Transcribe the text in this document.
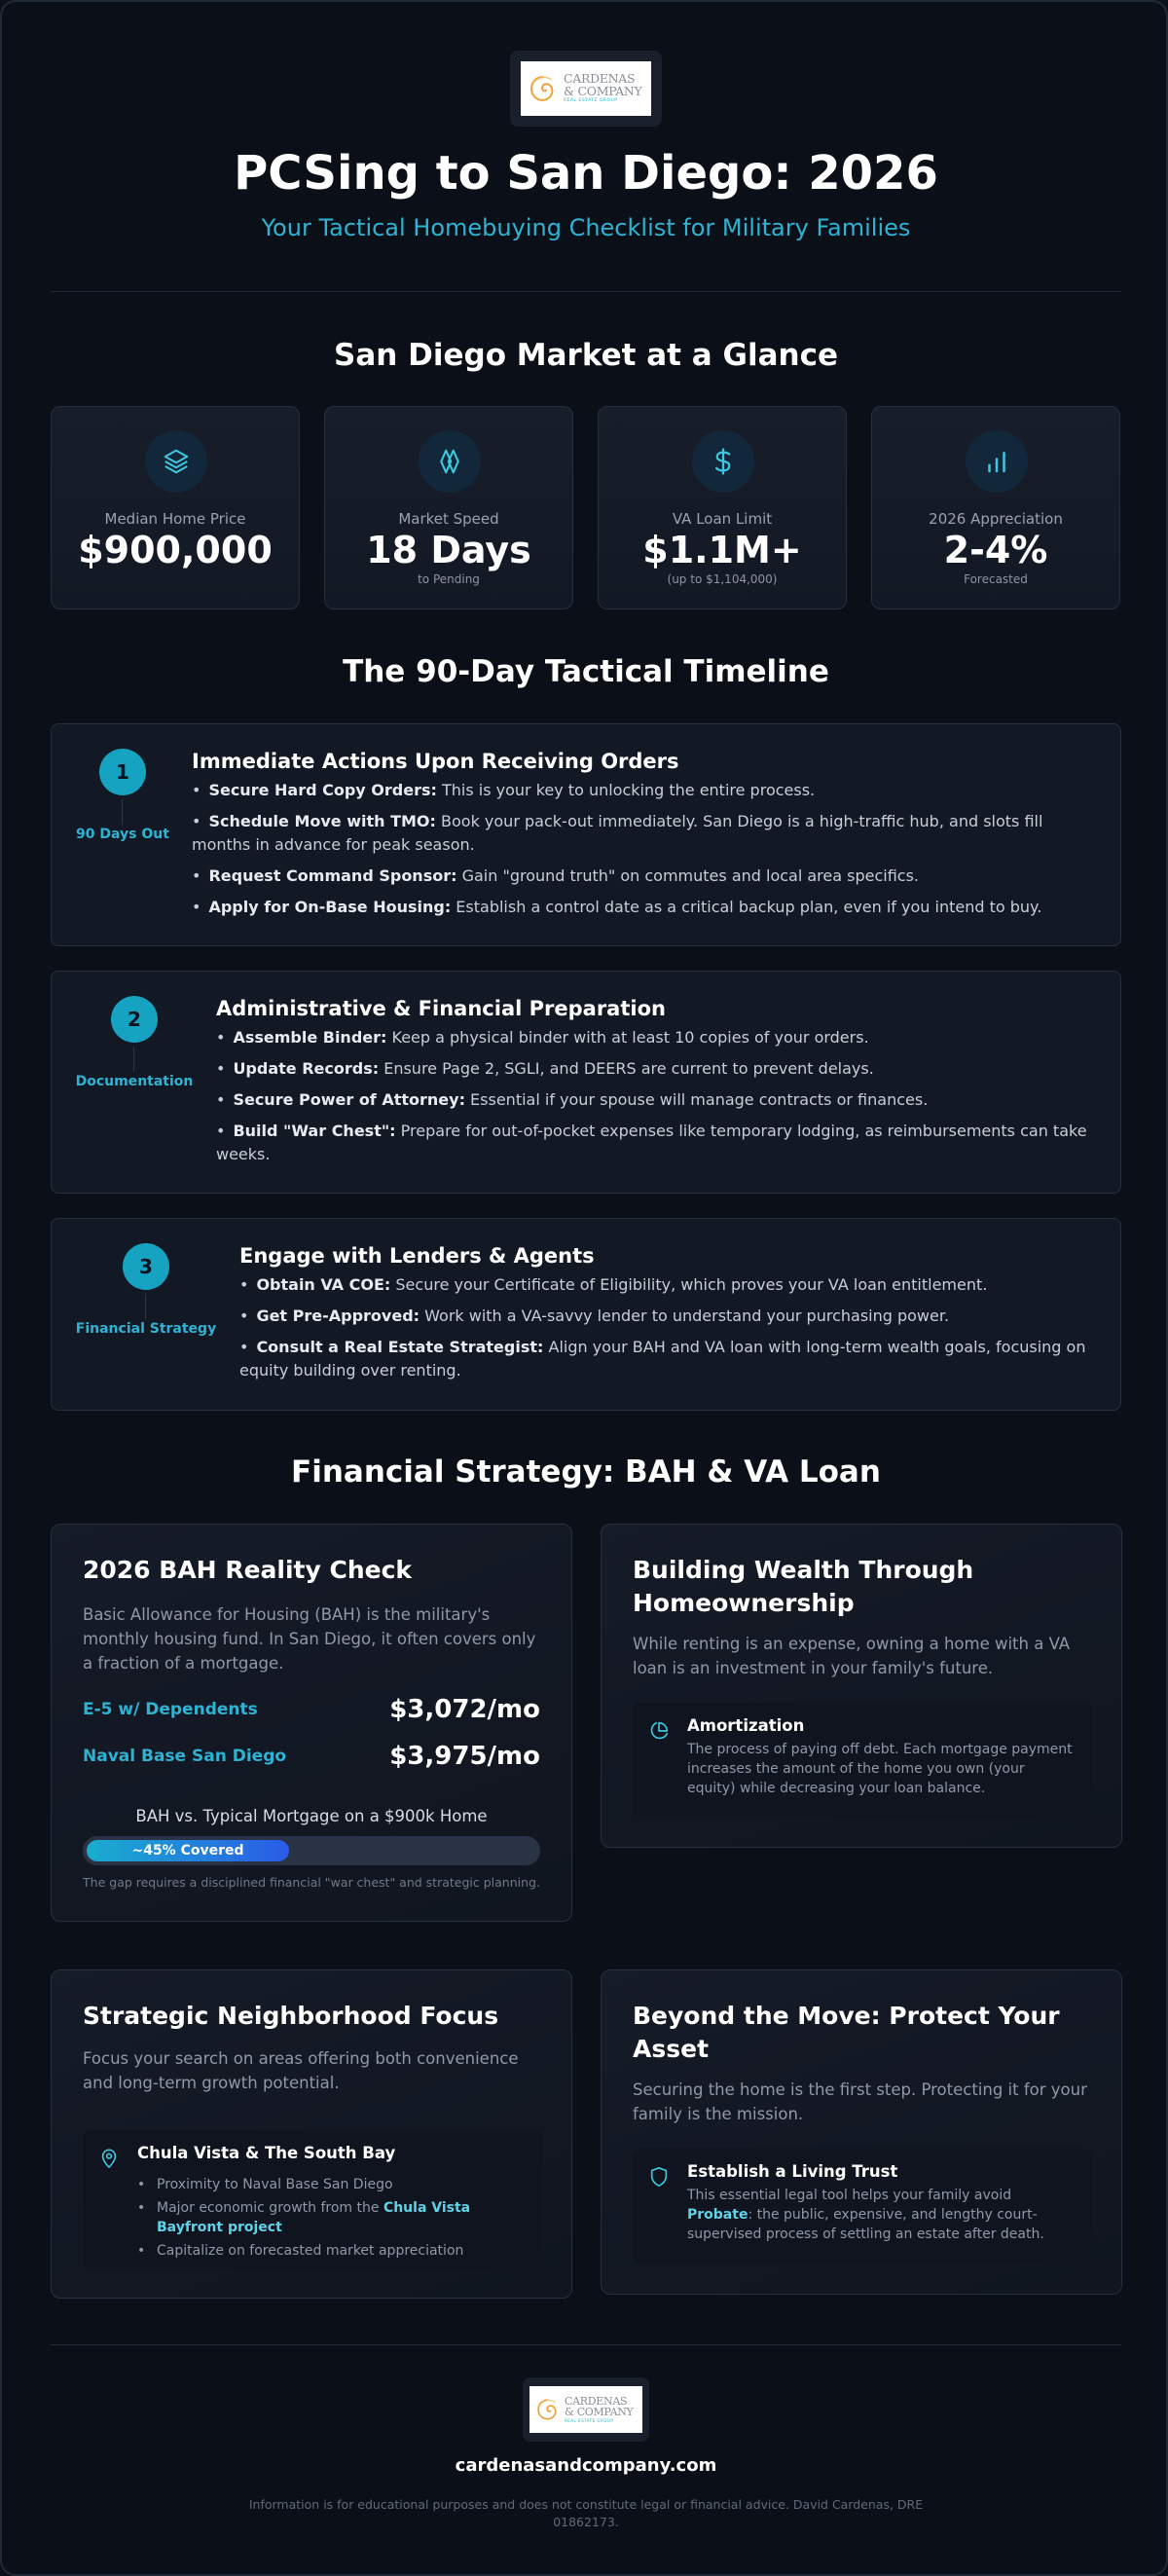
CARDENAS
& COMPANY
REAL ESTATE GROUP
PCSing to San Diego: 2026
Your Tactical Homebuying Checklist for Military Families
San Diego Market at a Glance
Median Home Price
$900,000
Market Speed
18 Days
to Pending
VA Loan Limit
$1.1M+
(up to $1,104,000)
2026 Appreciation
2-4%
Forecasted
The 90-Day Tactical Timeline
1
90 Days Out
Immediate Actions Upon Receiving Orders
• Secure Hard Copy Orders: This is your key to unlocking the entire process.
• Schedule Move with TMO: Book your pack-out immediately. San Diego is a high-traffic hub, and slots fill months in advance for peak season.
• Request Command Sponsor: Gain "ground truth" on commutes and local area specifics.
• Apply for On-Base Housing: Establish a control date as a critical backup plan, even if you intend to buy.
2
Documentation
Administrative & Financial Preparation
• Assemble Binder: Keep a physical binder with at least 10 copies of your orders.
• Update Records: Ensure Page 2, SGLI, and DEERS are current to prevent delays.
• Secure Power of Attorney: Essential if your spouse will manage contracts or finances.
• Build "War Chest": Prepare for out-of-pocket expenses like temporary lodging, as reimbursements can take weeks.
3
Financial Strategy
Engage with Lenders & Agents
• Obtain VA COE: Secure your Certificate of Eligibility, which proves your VA loan entitlement.
• Get Pre-Approved: Work with a VA-savvy lender to understand your purchasing power.
• Consult a Real Estate Strategist: Align your BAH and VA loan with long-term wealth goals, focusing on equity building over renting.
Financial Strategy: BAH & VA Loan
2026 BAH Reality Check
Basic Allowance for Housing (BAH) is the military's monthly housing fund. In San Diego, it often covers only a fraction of a mortgage.
E-5 w/ Dependents	$3,072/mo
Naval Base San Diego	$3,975/mo
BAH vs. Typical Mortgage on a $900k Home
~45% Covered
The gap requires a disciplined financial "war chest" and strategic planning.
Building Wealth Through Homeownership
While renting is an expense, owning a home with a VA loan is an investment in your family's future.
Amortization
The process of paying off debt. Each mortgage payment increases the amount of the home you own (your equity) while decreasing your loan balance.
Strategic Neighborhood Focus
Focus your search on areas offering both convenience and long-term growth potential.
Chula Vista & The South Bay
• Proximity to Naval Base San Diego
• Major economic growth from the Chula Vista Bayfront project
• Capitalize on forecasted market appreciation
Beyond the Move: Protect Your Asset
Securing the home is the first step. Protecting it for your family is the mission.
Establish a Living Trust
This essential legal tool helps your family avoid Probate: the public, expensive, and lengthy court-supervised process of settling an estate after death.
CARDENAS
& COMPANY
REAL ESTATE GROUP
cardenasandcompany.com
Information is for educational purposes and does not constitute legal or financial advice. David Cardenas, DRE 01862173.
